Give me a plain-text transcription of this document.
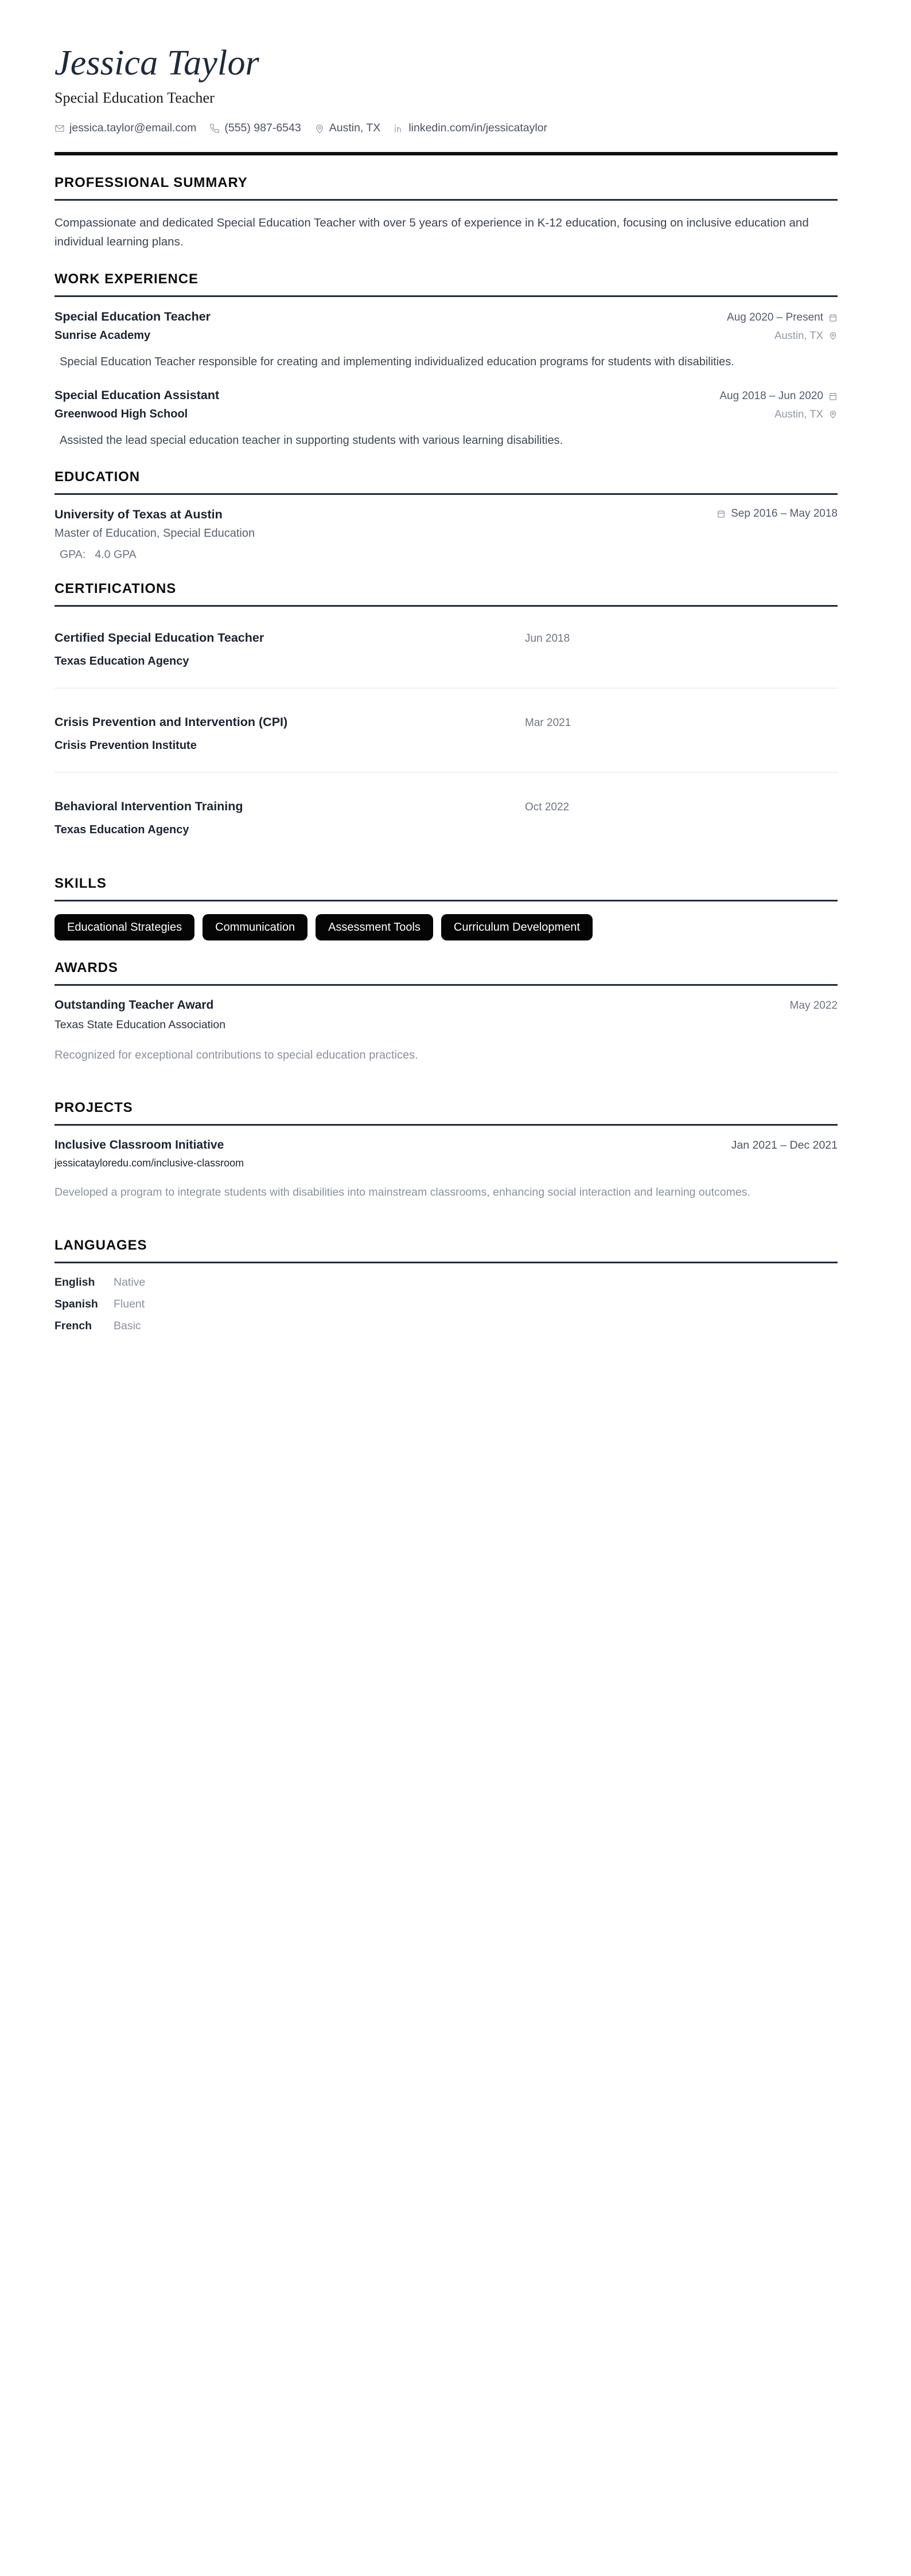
Jessica Taylor
Special Education Teacher
jessica.taylor@email.com	(555) 987-6543	Austin, TX	linkedin.com/in/jessicataylor
PROFESSIONAL SUMMARY
Compassionate and dedicated Special Education Teacher with over 5 years of experience in K-12 education, focusing on inclusive education and individual learning plans.
WORK EXPERIENCE
Special Education Teacher	Aug 2020 – Present
Sunrise Academy	Austin, TX
Special Education Teacher responsible for creating and implementing individualized education programs for students with disabilities.
Special Education Assistant	Aug 2018 – Jun 2020
Greenwood High School	Austin, TX
Assisted the lead special education teacher in supporting students with various learning disabilities.
EDUCATION
University of Texas at Austin	Sep 2016 – May 2018
Master of Education, Special Education
GPA: 4.0 GPA
CERTIFICATIONS
Certified Special Education Teacher	Jun 2018
Texas Education Agency
Crisis Prevention and Intervention (CPI)	Mar 2021
Crisis Prevention Institute
Behavioral Intervention Training	Oct 2022
Texas Education Agency
SKILLS
Educational Strategies	Communication	Assessment Tools	Curriculum Development
AWARDS
Outstanding Teacher Award	May 2022
Texas State Education Association
Recognized for exceptional contributions to special education practices.
PROJECTS
Inclusive Classroom Initiative	Jan 2021 – Dec 2021
jessicatayloredu.com/inclusive-classroom
Developed a program to integrate students with disabilities into mainstream classrooms, enhancing social interaction and learning outcomes.
LANGUAGES
English	Native
Spanish	Fluent
French	Basic
